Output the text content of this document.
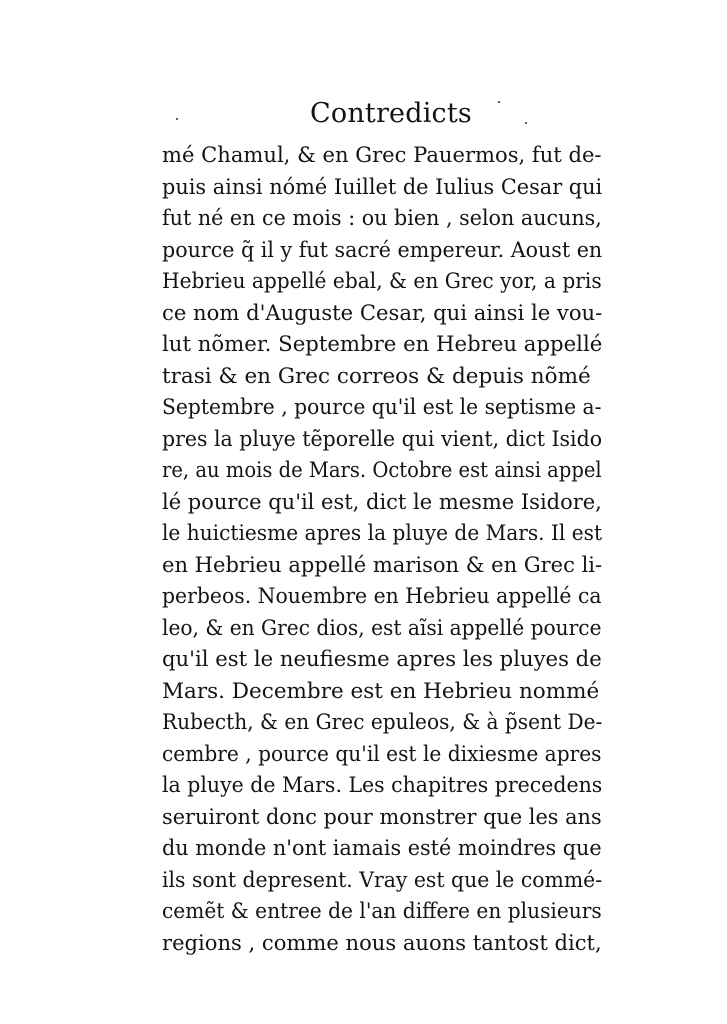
Contredicts
mé Chamul, & en Grec Pauermos, fut de-
puis ainsi nómé Iuillet de Iulius Cesar qui
fut né en ce mois : ou bien , selon aucuns,
pource q̃ il y fut sacré empereur. Aoust en
Hebrieu appellé ebal, & en Grec yor, a pris
ce nom d'Auguste Cesar, qui ainsi le vou-
lut nõmer. Septembre en Hebreu appellé
trasi & en Grec correos & depuis nõmé
Septembre , pource qu'il est le septisme a-
pres la pluye tẽporelle qui vient, dict Isido
re, au mois de Mars. Octobre est ainsi appel
lé pource qu'il est, dict le mesme Isidore,
le huictiesme apres la pluye de Mars. Il est
en Hebrieu appellé marison & en Grec li-
perbeos. Nouembre en Hebrieu appellé ca
leo, & en Grec dios, est aĩsi appellé pource
qu'il est le neufiesme apres les pluyes de
Mars. Decembre est en Hebrieu nommé
Rubecth, & en Grec epuleos, & à p̃sent De-
cembre , pource qu'il est le dixiesme apres
la pluye de Mars. Les chapitres precedens
seruiront donc pour monstrer que les ans
du monde n'ont iamais esté moindres que
ils sont depresent. Vray est que le commé-
cemẽt & entree de l'an differe en plusieurs
regions , comme nous auons tantost dict,
